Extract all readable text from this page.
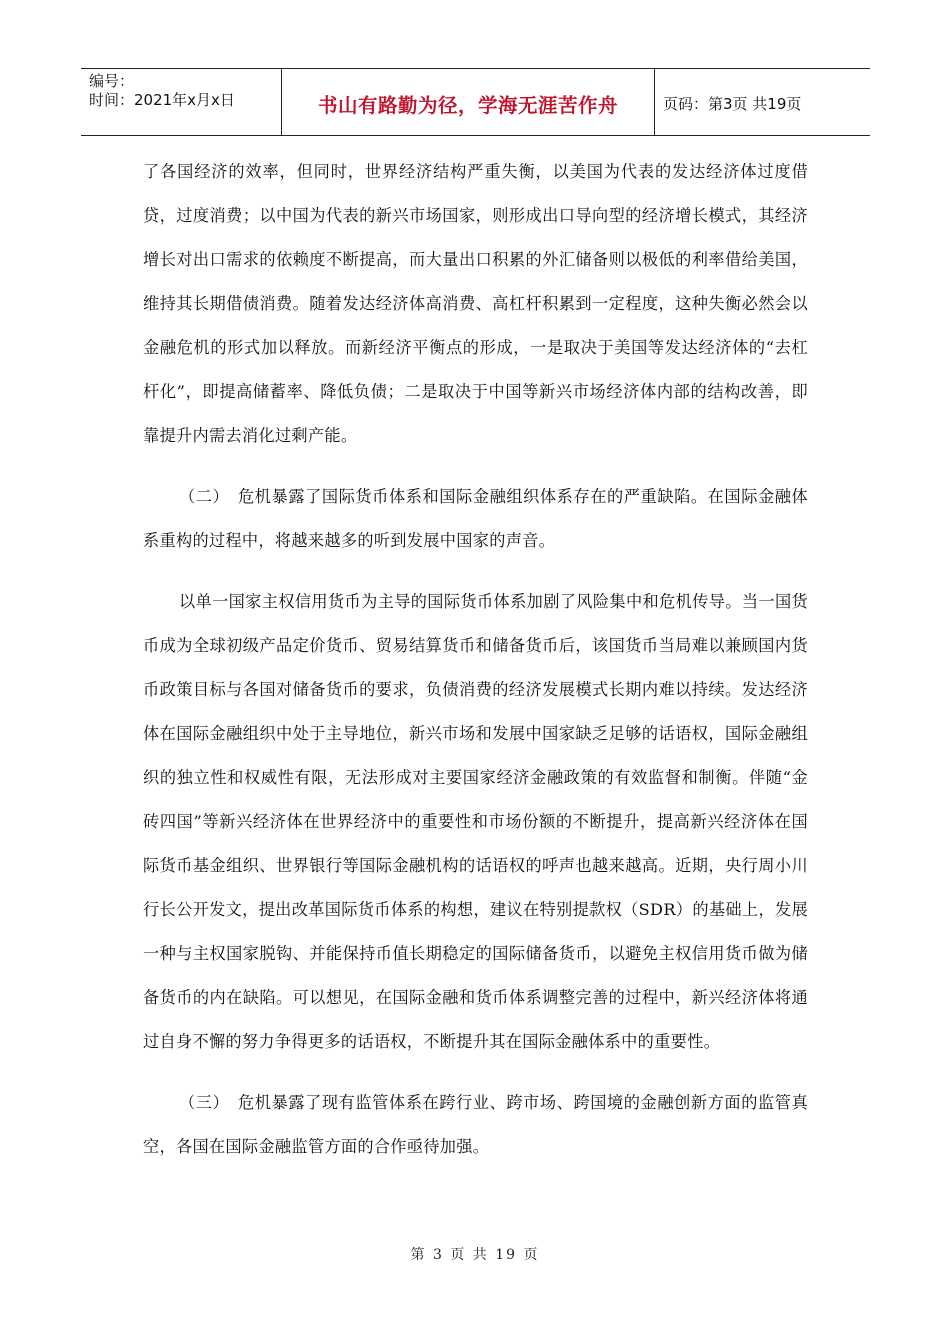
编号：
时间：2021年x月x日	书山有路勤为径，学海无涯苦作舟	页码：第3页 共19页

了各国经济的效率，但同时，世界经济结构严重失衡，以美国为代表的发达经济体过度借贷，过度消费；以中国为代表的新兴市场国家，则形成出口导向型的经济增长模式，其经济增长对出口需求的依赖度不断提高，而大量出口积累的外汇储备则以极低的利率借给美国，维持其长期借债消费。随着发达经济体高消费、高杠杆积累到一定程度，这种失衡必然会以金融危机的形式加以释放。而新经济平衡点的形成，一是取决于美国等发达经济体的“去杠杆化”，即提高储蓄率、降低负债；二是取决于中国等新兴市场经济体内部的结构改善，即靠提升内需去消化过剩产能。

（二）　危机暴露了国际货币体系和国际金融组织体系存在的严重缺陷。在国际金融体系重构的过程中，将越来越多的听到发展中国家的声音。

以单一国家主权信用货币为主导的国际货币体系加剧了风险集中和危机传导。当一国货币成为全球初级产品定价货币、贸易结算货币和储备货币后，该国货币当局难以兼顾国内货币政策目标与各国对储备货币的要求，负债消费的经济发展模式长期内难以持续。发达经济体在国际金融组织中处于主导地位，新兴市场和发展中国家缺乏足够的话语权，国际金融组织的独立性和权威性有限，无法形成对主要国家经济金融政策的有效监督和制衡。伴随“金砖四国”等新兴经济体在世界经济中的重要性和市场份额的不断提升，提高新兴经济体在国际货币基金组织、世界银行等国际金融机构的话语权的呼声也越来越高。近期，央行周小川行长公开发文，提出改革国际货币体系的构想，建议在特别提款权（SDR）的基础上，发展一种与主权国家脱钩、并能保持币值长期稳定的国际储备货币，以避免主权信用货币做为储备货币的内在缺陷。可以想见，在国际金融和货币体系调整完善的过程中，新兴经济体将通过自身不懈的努力争得更多的话语权，不断提升其在国际金融体系中的重要性。

（三）　危机暴露了现有监管体系在跨行业、跨市场、跨国境的金融创新方面的监管真空，各国在国际金融监管方面的合作亟待加强。

第 3 页 共 19 页
